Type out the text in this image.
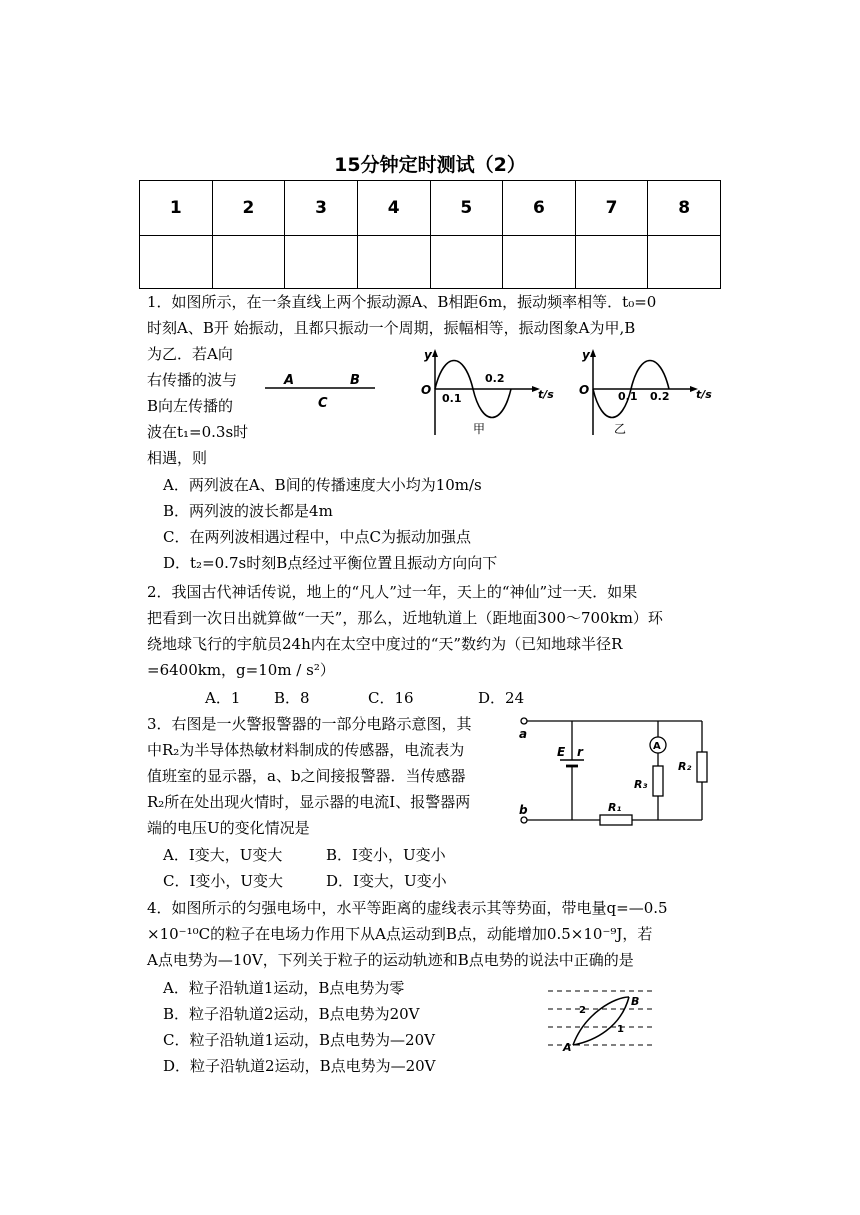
15分钟定时测试（2）
1	2	3	4	5	6	7	8

1．如图所示，在一条直线上两个振动源A、B相距6m，振动频率相等．t₀=0
时刻A、B开 始振动，且都只振动一个周期，振幅相等，振动图象A为甲,B
为乙．若A向
右传播的波与
B向左传播的
波在t₁=0.3s时
相遇，则
A	B
C
y
O
0.1
0.2
t/s
甲
y
O	0.1 0.2 t/s
乙
A．两列波在A、B间的传播速度大小均为10m/s
B．两列波的波长都是4m
C．在两列波相遇过程中，中点C为振动加强点
D．t₂=0.7s时刻B点经过平衡位置且振动方向向下
2．我国古代神话传说，地上的“凡人”过一年，天上的“神仙”过一天．如果
把看到一次日出就算做“一天”，那么，近地轨道上（距地面300～700km）环
绕地球飞行的宇航员24h内在太空中度过的“天”数约为（已知地球半径R
=6400km，g=10m / s²）
A．1 B．8	C．16	D．24
3．右图是一火警报警器的一部分电路示意图，其
中R₂为半导体热敏材料制成的传感器，电流表为
值班室的显示器，a、b之间接报警器．当传感器
R₂所在处出现火情时，显示器的电流I、报警器两
端的电压U的变化情况是
a
b	R₁
E r	A
R₃
R₂
A．I变大，U变大	B．I变小，U变小
C．I变小，U变大	D．I变大，U变小
4．如图所示的匀强电场中，水平等距离的虚线表示其等势面，带电量q=—0.5
×10⁻¹⁰C的粒子在电场力作用下从A点运动到B点，动能增加0.5×10⁻⁹J，若
A点电势为—10V，下列关于粒子的运动轨迹和B点电势的说法中正确的是
A．粒子沿轨道1运动，B点电势为零
B．粒子沿轨道2运动，B点电势为20V
C．粒子沿轨道1运动，B点电势为—20V
D．粒子沿轨道2运动，B点电势为—20V
A
B
2
1
